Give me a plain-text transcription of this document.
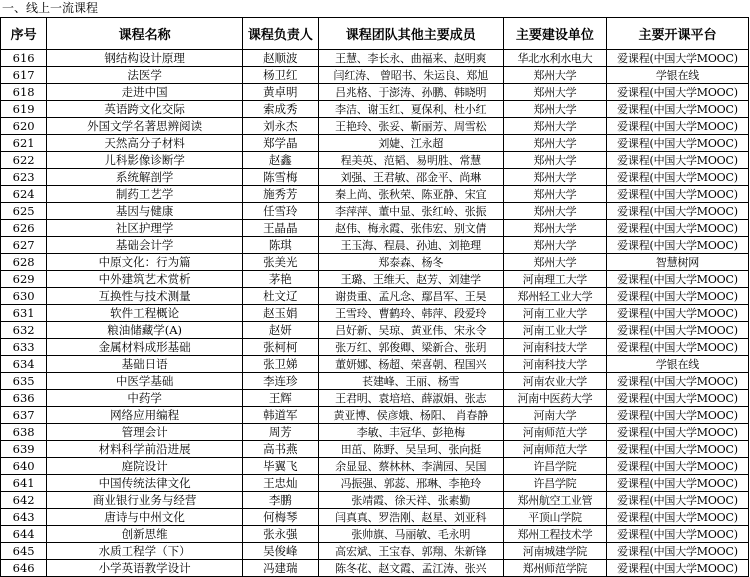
一、线上一流课程
序号	课程名称	课程负责人	课程团队其他主要成员	主要建设单位	主要开课平台
616	钢结构设计原理	赵顺波	王慧、李长永、曲福来、赵明爽	华北水利水电大	爱课程(中国大学MOOC)
617	法医学	杨卫红	闫红涛、 曾昭书、朱运良、郑旭	郑州大学	学银在线
618	走进中国	黄卓明	吕兆格、于澎涛、孙鹏、韩晓明	郑州大学	爱课程(中国大学MOOC)
619	英语跨文化交际	索成秀	李洁、谢玉红、夏保利、杜小红	郑州大学	爱课程(中国大学MOOC)
620	外国文学名著思辨阅读	刘永杰	王艳玲、张妥、靳丽芳、周雪松	郑州大学	爱课程(中国大学MOOC)
621	天然高分子材料	郑学晶	刘婕、江永超	郑州大学	爱课程(中国大学MOOC)
622	儿科影像诊断学	赵鑫	程美英、范韬、易明胜、常慧	郑州大学	爱课程(中国大学MOOC)
623	系统解剖学	陈雪梅	刘强、王君敏、邵金平、尚琳	郑州大学	爱课程(中国大学MOOC)
624	制药工艺学	施秀芳	秦上尚、张秋荣、陈亚静、宋宜	郑州大学	爱课程(中国大学MOOC)
625	基因与健康	任雪玲	李萍萍、董中显、张红岭、张振	郑州大学	爱课程(中国大学MOOC)
626	社区护理学	王晶晶	赵伟、梅永霞、张伟宏、别文倩	郑州大学	爱课程(中国大学MOOC)
627	基础会计学	陈琪	王玉海、程晨、孙迪、刘艳理	郑州大学	爱课程(中国大学MOOC)
628	中原文化：行为篇	张美光	郑泰森、杨冬	郑州大学	智慧树网
629	中外建筑艺术赏析	茅艳	王璐、王维天、赵芳、刘建学	河南理工大学	爱课程(中国大学MOOC)
630	互换性与技术测量	杜文辽	谢贵重、孟凡念、鄢昌军、王昊	郑州轻工业大学	爱课程(中国大学MOOC)
631	软件工程概论	赵玉娟	王雪玲、曹鹤玲、韩萍、段爱玲	河南工业大学	爱课程(中国大学MOOC)
632	粮油储藏学(A)	赵妍	吕好新、吴琼、黄亚伟、宋永令	河南工业大学	爱课程(中国大学MOOC)
633	金属材料成形基础	张柯柯	张万红、郭俊卿、梁新合、张玥	河南科技大学	爱课程(中国大学MOOC)
634	基础日语	张卫娣	董妍娜、杨超、荣喜朝、程国兴	河南科技大学	学银在线
635	中医学基础	李连珍	苌建峰、王丽、杨雪	河南农业大学	爱课程(中国大学MOOC)
636	中药学	王辉	王君明、袁培培、薛淑娟、张志	河南中医药大学	爱课程(中国大学MOOC)
637	网络应用编程	韩道军	黄亚博、侯彦娥、杨阳、 肖春静	河南大学	爱课程(中国大学MOOC)
638	管理会计	周芳	李敏、丰冠华、彭艳梅	河南师范大学	爱课程(中国大学MOOC)
639	材料科学前沿进展	高书燕	田茁、陈野、吴呈珂、张向挺	河南师范大学	爱课程(中国大学MOOC)
640	庭院设计	毕翼飞	余显显、蔡林林、李满园、吴国	许昌学院	爱课程(中国大学MOOC)
641	中国传统法律文化	王忠灿	冯振强、郭蕊、邢琳、李艳玲	许昌学院	爱课程(中国大学MOOC)
642	商业银行业务与经营	李鹏	张靖霞、徐天祥、张素勤	郑州航空工业管	爱课程(中国大学MOOC)
643	唐诗与中州文化	何梅琴	闫真真、罗浩刚、赵星、刘亚科	平顶山学院	爱课程(中国大学MOOC)
644	创新思维	张永强	张帅旗、马丽敏、毛永明	郑州工程技术学	爱课程(中国大学MOOC)
645	水质工程学（下）	吴俊峰	高宏斌、王宝春、郭翔、朱新锋	河南城建学院	爱课程(中国大学MOOC)
646	小学英语教学设计	冯建瑞	陈冬花、赵文霞、孟江涛、张兴	郑州师范学院	爱课程(中国大学MOOC)
